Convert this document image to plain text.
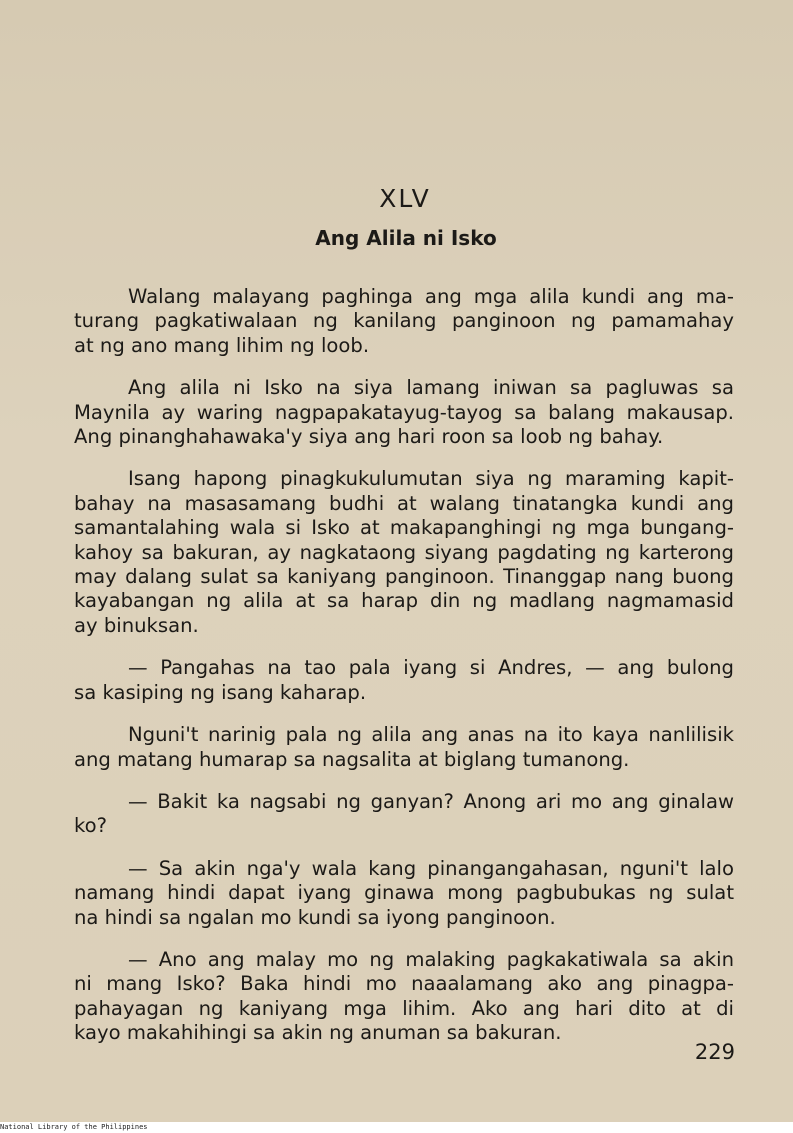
XLV
Ang Alila ni Isko

Walang malayang paghinga ang mga alila kundi ang ma-
turang pagkatiwalaan ng kanilang panginoon ng pamamahay
at ng ano mang lihim ng loob.

Ang alila ni Isko na siya lamang iniwan sa pagluwas sa
Maynila ay waring nagpapakatayug-tayog sa balang makausap.
Ang pinanghahawaka'y siya ang hari roon sa loob ng bahay.

Isang hapong pinagkukulumutan siya ng maraming kapit-
bahay na masasamang budhi at walang tinatangka kundi ang
samantalahing wala si Isko at makapanghingi ng mga bungang-
kahoy sa bakuran, ay nagkataong siyang pagdating ng karterong
may dalang sulat sa kaniyang panginoon. Tinanggap nang buong
kayabangan ng alila at sa harap din ng madlang nagmamasid
ay binuksan.

— Pangahas na tao pala iyang si Andres, — ang bulong
sa kasiping ng isang kaharap.

Nguni't narinig pala ng alila ang anas na ito kaya nanlilisik
ang matang humarap sa nagsalita at biglang tumanong.

— Bakit ka nagsabi ng ganyan? Anong ari mo ang ginalaw
ko?

— Sa akin nga'y wala kang pinangangahasan, nguni't lalo
namang hindi dapat iyang ginawa mong pagbubukas ng sulat
na hindi sa ngalan mo kundi sa iyong panginoon.

— Ano ang malay mo ng malaking pagkakatiwala sa akin
ni mang Isko? Baka hindi mo naaalamang ako ang pinagpa-
pahayagan ng kaniyang mga lihim. Ako ang hari dito at di
kayo makahihingi sa akin ng anuman sa bakuran.

229
National Library of the Philippines
